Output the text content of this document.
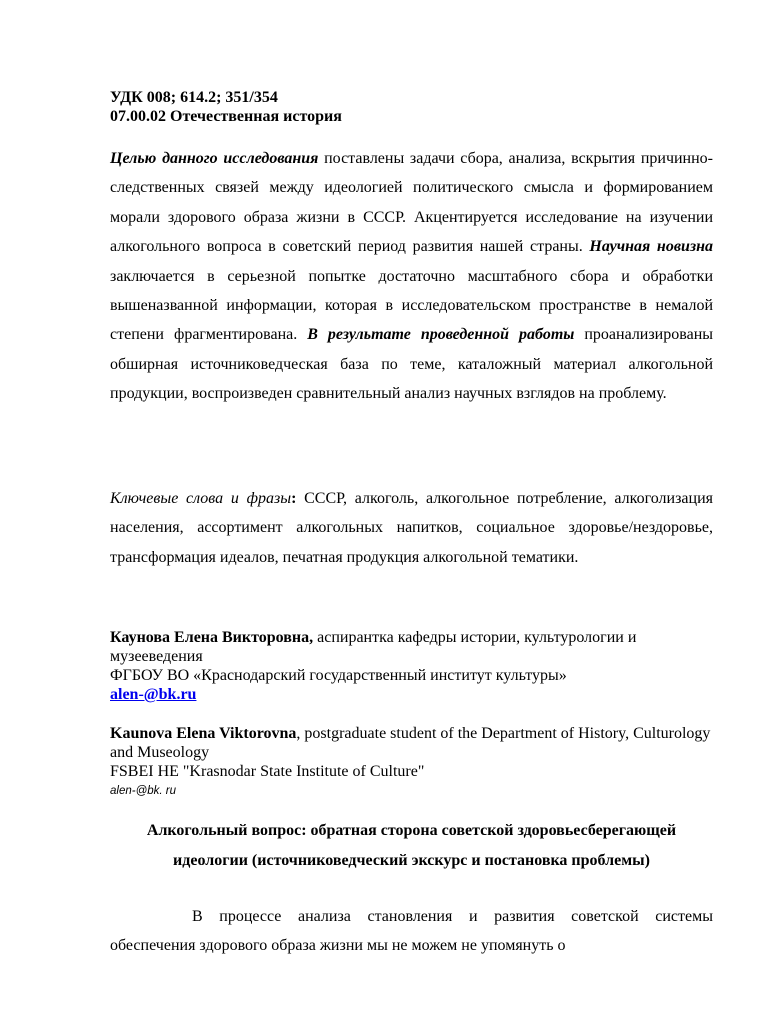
УДК 008; 614.2; 351/354
07.00.02 Отечественная история
Целью данного исследования поставлены задачи сбора, анализа, вскрытия причинно-следственных связей между идеологией политического смысла и формированием морали здорового образа жизни в СССР. Акцентируется исследование на изучении алкогольного вопроса в советский период развития нашей страны. Научная новизна заключается в серьезной попытке достаточно масштабного сбора и обработки вышеназванной информации, которая в исследовательском пространстве в немалой степени фрагментирована. В результате проведенной работы проанализированы обширная источниковедческая база по теме, каталожный материал алкогольной продукции, воспроизведен сравнительный анализ научных взглядов на проблему.
Ключевые слова и фразы: СССР, алкоголь, алкогольное потребление, алкоголизация населения, ассортимент алкогольных напитков, социальное здоровье/нездоровье, трансформация идеалов, печатная продукция алкогольной тематики.
Каунова Елена Викторовна, аспирантка кафедры истории, культурологии и музееведения
ФГБОУ ВО «Краснодарский государственный институт культуры»
alen-@bk.ru
Kaunova Elena Viktorovna, postgraduate student of the Department of History, Culturology and Museology
FSBEI HE "Krasnodar State Institute of Culture"
alen-@bk. ru
Алкогольный вопрос: обратная сторона советской здоровьесберегающей идеологии (источниковедческий экскурс и постановка проблемы)
В процессе анализа становления и развития советской системы обеспечения здорового образа жизни мы не можем не упомянуть о
